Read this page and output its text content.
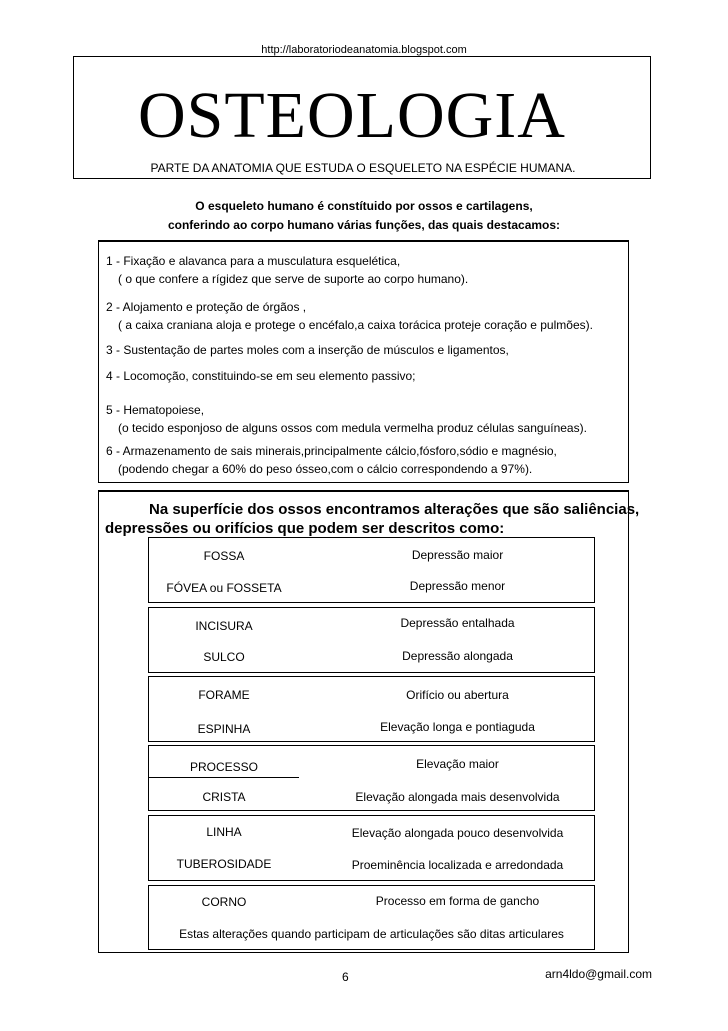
http://laboratoriodeanatomia.blogspot.com
OSTEOLOGIA
PARTE DA ANATOMIA QUE ESTUDA O ESQUELETO NA ESPÉCIE HUMANA.
O esqueleto humano é constítuido por ossos e cartilagens,
conferindo ao corpo humano várias funções, das quais destacamos:
1 - Fixação e alavanca para a musculatura esquelética,
( o que confere a rígidez que serve de suporte ao corpo humano).
2 - Alojamento e proteção de órgãos ,
( a caixa craniana aloja e protege o encéfalo,a caixa torácica proteje coração e pulmões).
3 - Sustentação de partes moles com a inserção de músculos e ligamentos,
4 - Locomoção, constituindo-se em seu elemento passivo;
5 - Hematopoiese,
(o tecido esponjoso de alguns ossos com medula vermelha produz células sanguíneas).
6 - Armazenamento de sais minerais,principalmente cálcio,fósforo,sódio e magnésio,
(podendo chegar a 60% do peso ósseo,com o cálcio correspondendo a 97%).
Na superfície dos ossos encontramos alterações que são saliências,
depressões ou orifícios que podem ser descritos como:
FOSSA	Depressão maior
FÓVEA ou FOSSETA	Depressão menor
INCISURA	Depressão entalhada
SULCO	Depressão alongada
FORAME	Orifício ou abertura
ESPINHA	Elevação longa e pontiaguda
PROCESSO	Elevação maior
CRISTA	Elevação alongada mais desenvolvida
LINHA	Elevação alongada pouco desenvolvida
TUBEROSIDADE	Proeminência localizada e arredondada
CORNO	Processo em forma de gancho
Estas alterações quando participam de articulações são ditas articulares
6	arn4ldo@gmail.com
